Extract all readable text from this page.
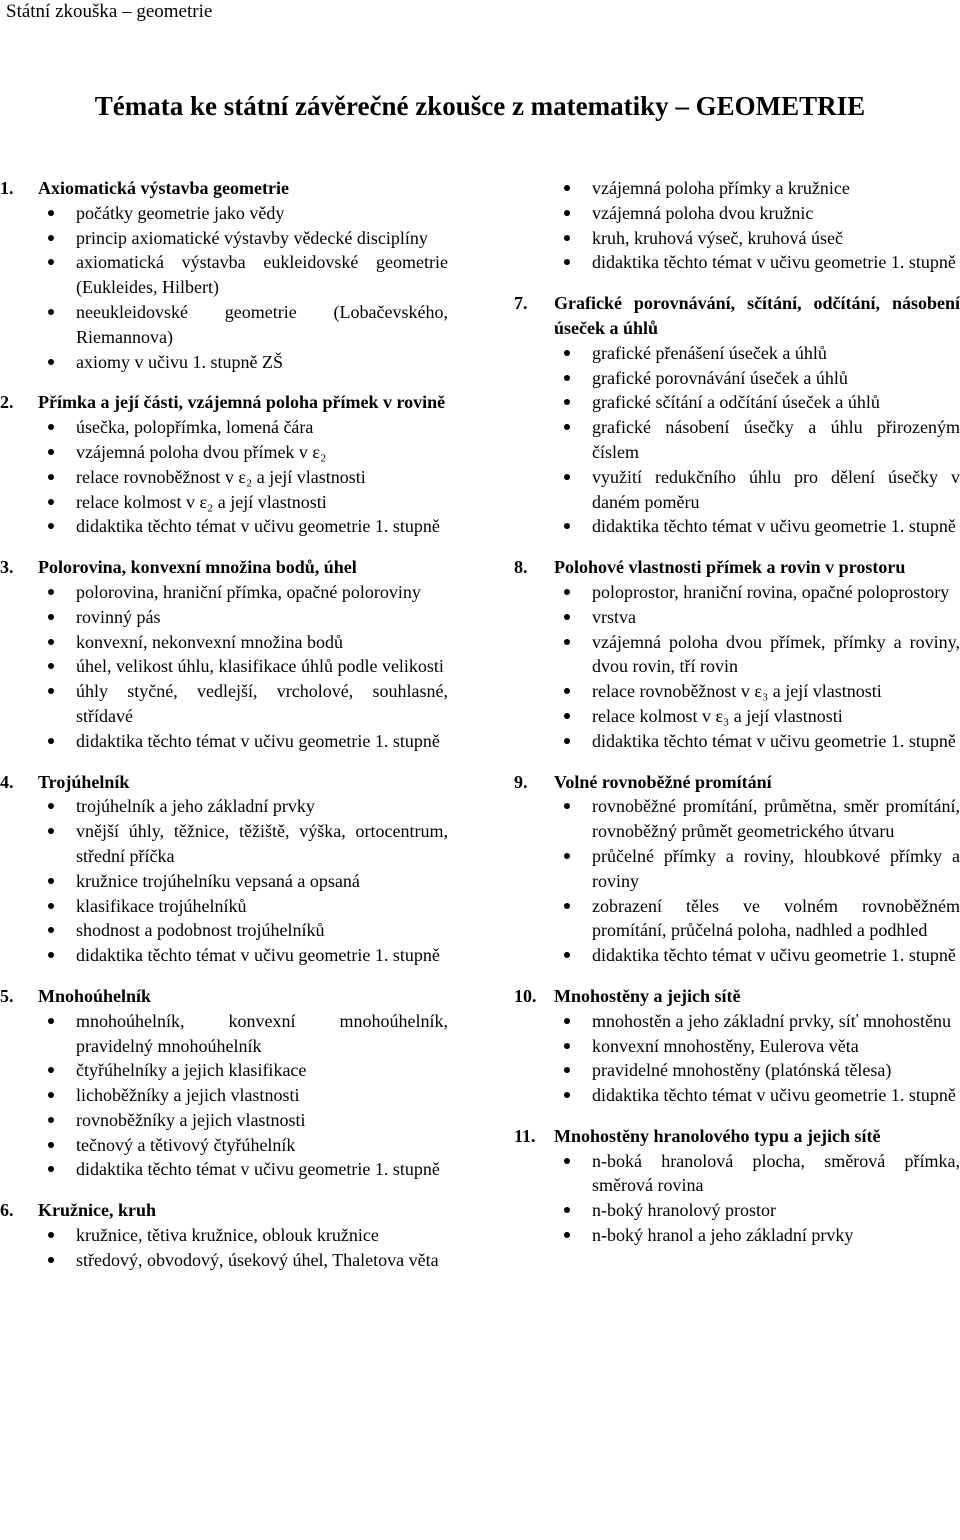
Státní zkouška – geometrie
Témata ke státní závěrečné zkoušce z matematiky – GEOMETRIE
1.	Axiomatická výstavba geometrie
počátky geometrie jako vědy
princip axiomatické výstavby vědecké disciplíny
axiomatická výstavba eukleidovské geometrie (Eukleides, Hilbert)
neeukleidovské geometrie (Lobačevského, Riemannova)
axiomy v učivu 1. stupně ZŠ
2.	Přímka a její části, vzájemná poloha přímek v rovině
úsečka, polopřímka, lomená čára
vzájemná poloha dvou přímek v ε₂
relace rovnoběžnost v ε₂ a její vlastnosti
relace kolmost v ε₂ a její vlastnosti
didaktika těchto témat v učivu geometrie 1. stupně
3.	Polorovina, konvexní množina bodů, úhel
polorovina, hraniční přímka, opačné poloroviny
rovinný pás
konvexní, nekonvexní množina bodů
úhel, velikost úhlu, klasifikace úhlů podle velikosti
úhly styčné, vedlejší, vrcholové, souhlasné, střídavé
didaktika těchto témat v učivu geometrie 1. stupně
4.	Trojúhelník
trojúhelník a jeho základní prvky
vnější úhly, těžnice, těžiště, výška, ortocentrum, střední příčka
kružnice trojúhelníku vepsaná a opsaná
klasifikace trojúhelníků
shodnost a podobnost trojúhelníků
didaktika těchto témat v učivu geometrie 1. stupně
5.	Mnohoúhelník
mnohoúhelník, konvexní mnohoúhelník, pravidelný mnohoúhelník
čtyřúhelníky a jejich klasifikace
lichoběžníky a jejich vlastnosti
rovnoběžníky a jejich vlastnosti
tečnový a tětivový čtyřúhelník
didaktika těchto témat v učivu geometrie 1. stupně
6.	Kružnice, kruh
kružnice, tětiva kružnice, oblouk kružnice
středový, obvodový, úsekový úhel, Thaletova věta
vzájemná poloha přímky a kružnice
vzájemná poloha dvou kružnic
kruh, kruhová výseč, kruhová úseč
didaktika těchto témat v učivu geometrie 1. stupně
7.	Grafické porovnávání, sčítání, odčítání, násobení úseček a úhlů
grafické přenášení úseček a úhlů
grafické porovnávání úseček a úhlů
grafické sčítání a odčítání úseček a úhlů
grafické násobení úsečky a úhlu přirozeným číslem
využití redukčního úhlu pro dělení úsečky v daném poměru
didaktika těchto témat v učivu geometrie 1. stupně
8.	Polohové vlastnosti přímek a rovin v prostoru
poloprostor, hraniční rovina, opačné poloprostory
vrstva
vzájemná poloha dvou přímek, přímky a roviny, dvou rovin, tří rovin
relace rovnoběžnost v ε₃ a její vlastnosti
relace kolmost v ε₃ a její vlastnosti
didaktika těchto témat v učivu geometrie 1. stupně
9.	Volné rovnoběžné promítání
rovnoběžné promítání, průmětna, směr promítání, rovnoběžný průmět geometrického útvaru
průčelné přímky a roviny, hloubkové přímky a roviny
zobrazení těles ve volném rovnoběžném promítání, průčelná poloha, nadhled a podhled
didaktika těchto témat v učivu geometrie 1. stupně
10. Mnohostěny a jejich sítě
mnohostěn a jeho základní prvky, síť mnohostěnu
konvexní mnohostěny, Eulerova věta
pravidelné mnohostěny (platónská tělesa)
didaktika těchto témat v učivu geometrie 1. stupně
11.	Mnohostěny hranolového typu a jejich sítě
n-boká hranolová plocha, směrová přímka, směrová rovina
n-boký hranolový prostor
n-boký hranol a jeho základní prvky
